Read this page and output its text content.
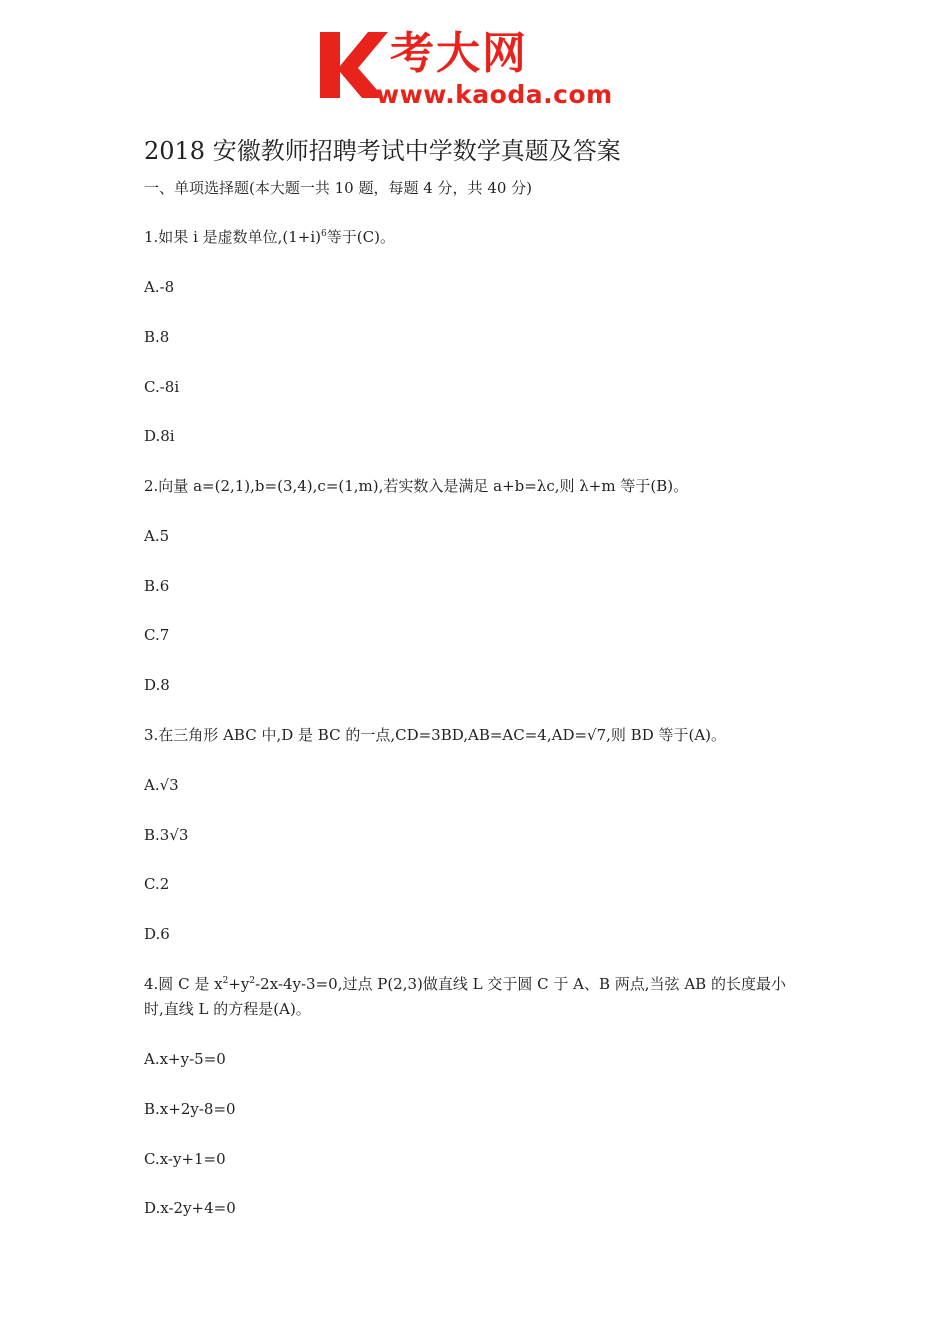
考大网
www.kaoda.com
2018 安徽教师招聘考试中学数学真题及答案
一、单项选择题(本大题一共 10 题，每题 4 分，共 40 分)
1.如果 i 是虚数单位$,(1+i)^6$等于(C)。
A.-8
B.8
C.-8i
D.8i
2.向量 a=(2,1),b=(3,4),c=(1,m),若实数入是满足 a+b=λc,则 λ+m 等于(B)。
A.5
B.6
C.7
D.8
3.在三角形 ABC 中,D 是 BC 的一点,CD=3BD,AB=AC=4,AD=√7,则 BD 等于(A)。
A.√3
B.3√3
C.2
D.6
4.圆 C 是 $x^2+y^2-2x-4y-3=0$,过点 P(2,3)做直线 L 交于圆 C 于 A、B 两点,当弦 AB 的长度最小
时,直线 L 的方程是(A)。
A.x+y-5=0
B.x+2y-8=0
C.x-y+1=0
D.x-2y+4=0
